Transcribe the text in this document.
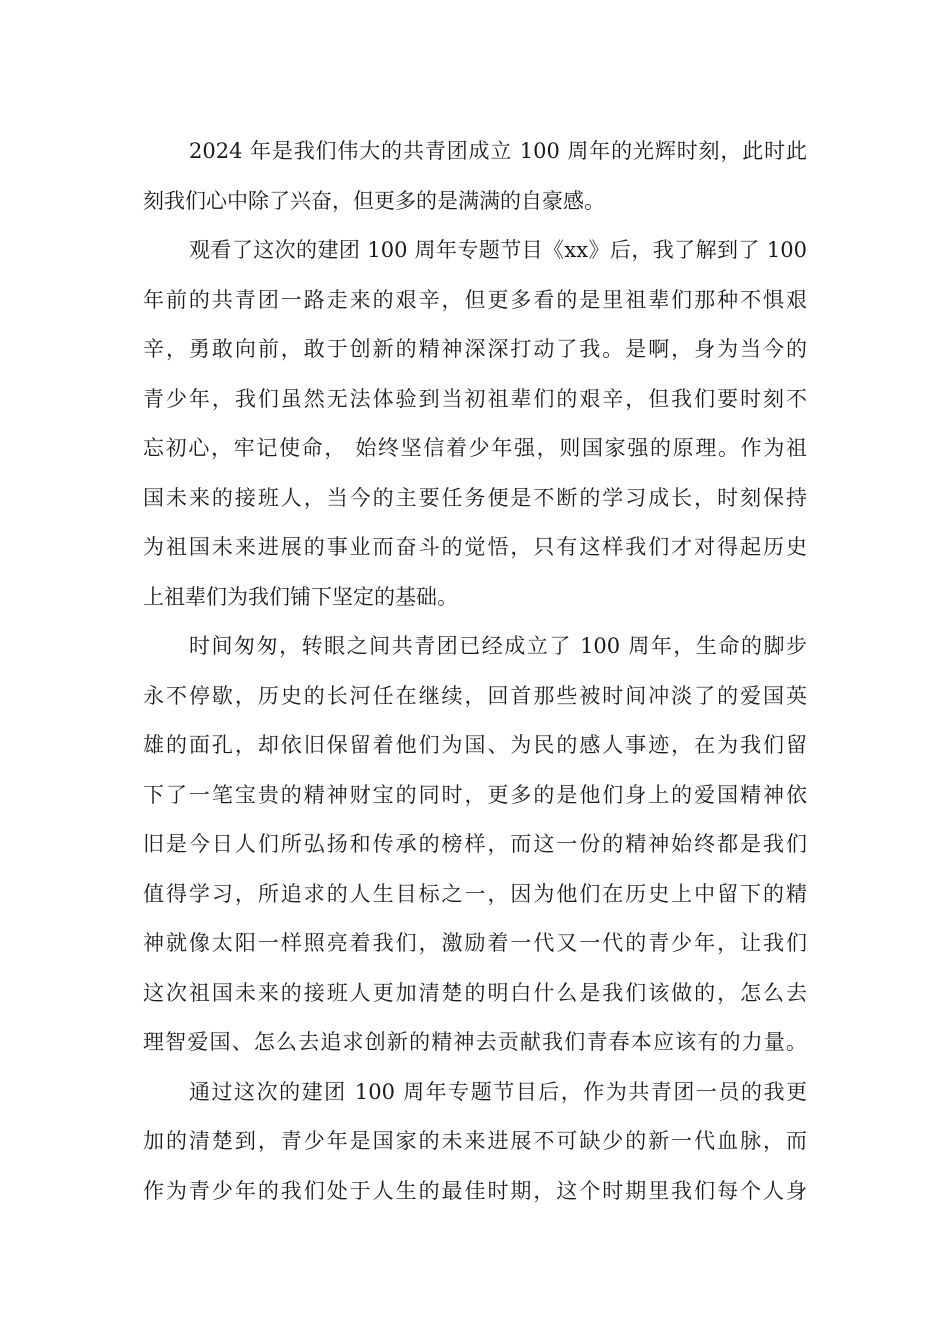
2024 年是我们伟大的共青团成立 100 周年的光辉时刻，此时此
刻我们心中除了兴奋，但更多的是满满的自豪感。
观看了这次的建团 100 周年专题节目《xx》后，我了解到了 100
年前的共青团一路走来的艰辛，但更多看的是里祖辈们那种不惧艰
辛，勇敢向前，敢于创新的精神深深打动了我。是啊，身为当今的
青少年，我们虽然无法体验到当初祖辈们的艰辛，但我们要时刻不
忘初心，牢记使命， 始终坚信着少年强，则国家强的原理。作为祖
国未来的接班人，当今的主要任务便是不断的学习成长，时刻保持
为祖国未来进展的事业而奋斗的觉悟，只有这样我们才对得起历史
上祖辈们为我们铺下坚定的基础。
时间匆匆，转眼之间共青团已经成立了 100 周年，生命的脚步
永不停歇，历史的长河任在继续，回首那些被时间冲淡了的爱国英
雄的面孔，却依旧保留着他们为国、为民的感人事迹，在为我们留
下了一笔宝贵的精神财宝的同时，更多的是他们身上的爱国精神依
旧是今日人们所弘扬和传承的榜样，而这一份的精神始终都是我们
值得学习，所追求的人生目标之一，因为他们在历史上中留下的精
神就像太阳一样照亮着我们，激励着一代又一代的青少年，让我们
这次祖国未来的接班人更加清楚的明白什么是我们该做的，怎么去
理智爱国、怎么去追求创新的精神去贡献我们青春本应该有的力量。
通过这次的建团 100 周年专题节目后，作为共青团一员的我更
加的清楚到，青少年是国家的未来进展不可缺少的新一代血脉，而
作为青少年的我们处于人生的最佳时期，这个时期里我们每个人身
